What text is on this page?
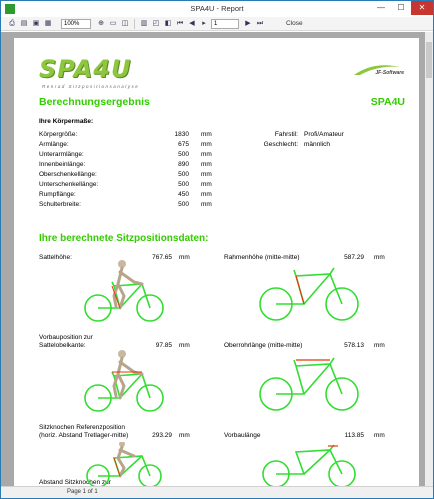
SPA4U - Report	—	☐	✕
⎙ ▤ ▣ ▦	100%	⊕ ▭ ◫ ▥ ◰ ◧ ⏮ ◀	▸	1	▶ ⏭	Close
SPA4U
Renrad Sitzpositionsanalyse
JF-Software
Berechnungsergebnis	SPA4U
Ihre Körpermaße:
Körpergröße:	1830 mm
Armlänge:	675 mm
Unterarmlänge:	500 mm
Innenbeinlänge:	890 mm
Oberschenkellänge:	500 mm
Unterschenkellänge:	500 mm
Rumpflänge:	450 mm
Schulterbreite:	500 mm
Fahrstil: Profi/Amateur
Geschlecht: männlich
Ihre berechnete Sitzpositionsdaten:
Sattelhöhe:	767.65 mm
Vorbauposition zur
Sattelobelkante:	97.85 mm
Sitzknochen Referenzposition
(horiz. Abstand Tretlager-mitte)	293.29 mm
Abstand Sitzknochen zur
Rahmenhöhe (mitte-mitte)	587.29 mm
Oberrohrlänge (mitte-mitte)	578.13 mm
Vorbaulänge	113.85 mm
Page 1 of 1
